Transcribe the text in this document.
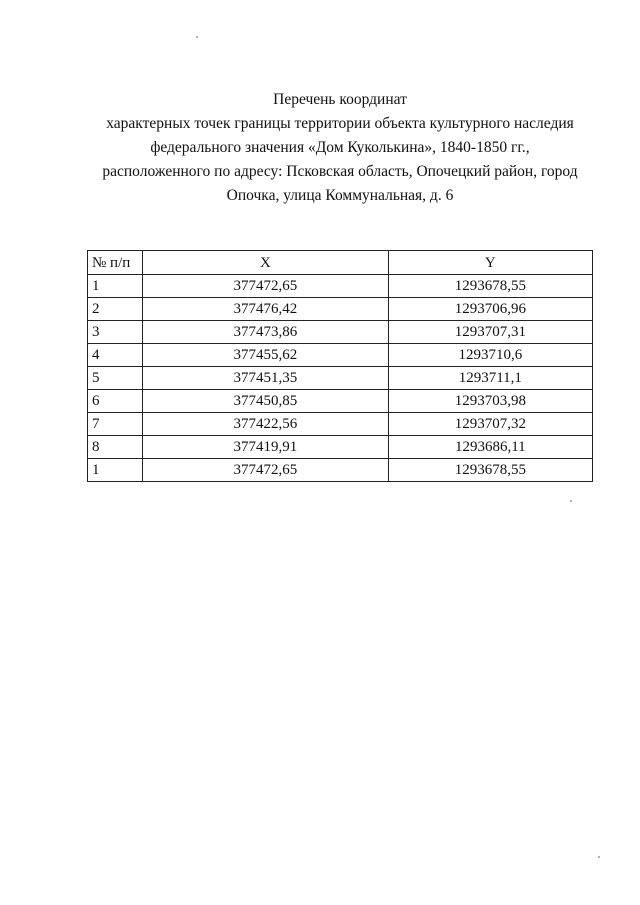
Перечень координат
характерных точек границы территории объекта культурного наследия
федерального значения «Дом Куколькина», 1840-1850 гг.,
расположенного по адресу: Псковская область, Опочецкий район, город
Опочка, улица Коммунальная, д. 6
№ п/п	X	Y
1	377472,65	1293678,55
2	377476,42	1293706,96
3	377473,86	1293707,31
4	377455,62	1293710,6
5	377451,35	1293711,1
6	377450,85	1293703,98
7	377422,56	1293707,32
8	377419,91	1293686,11
1	377472,65	1293678,55
